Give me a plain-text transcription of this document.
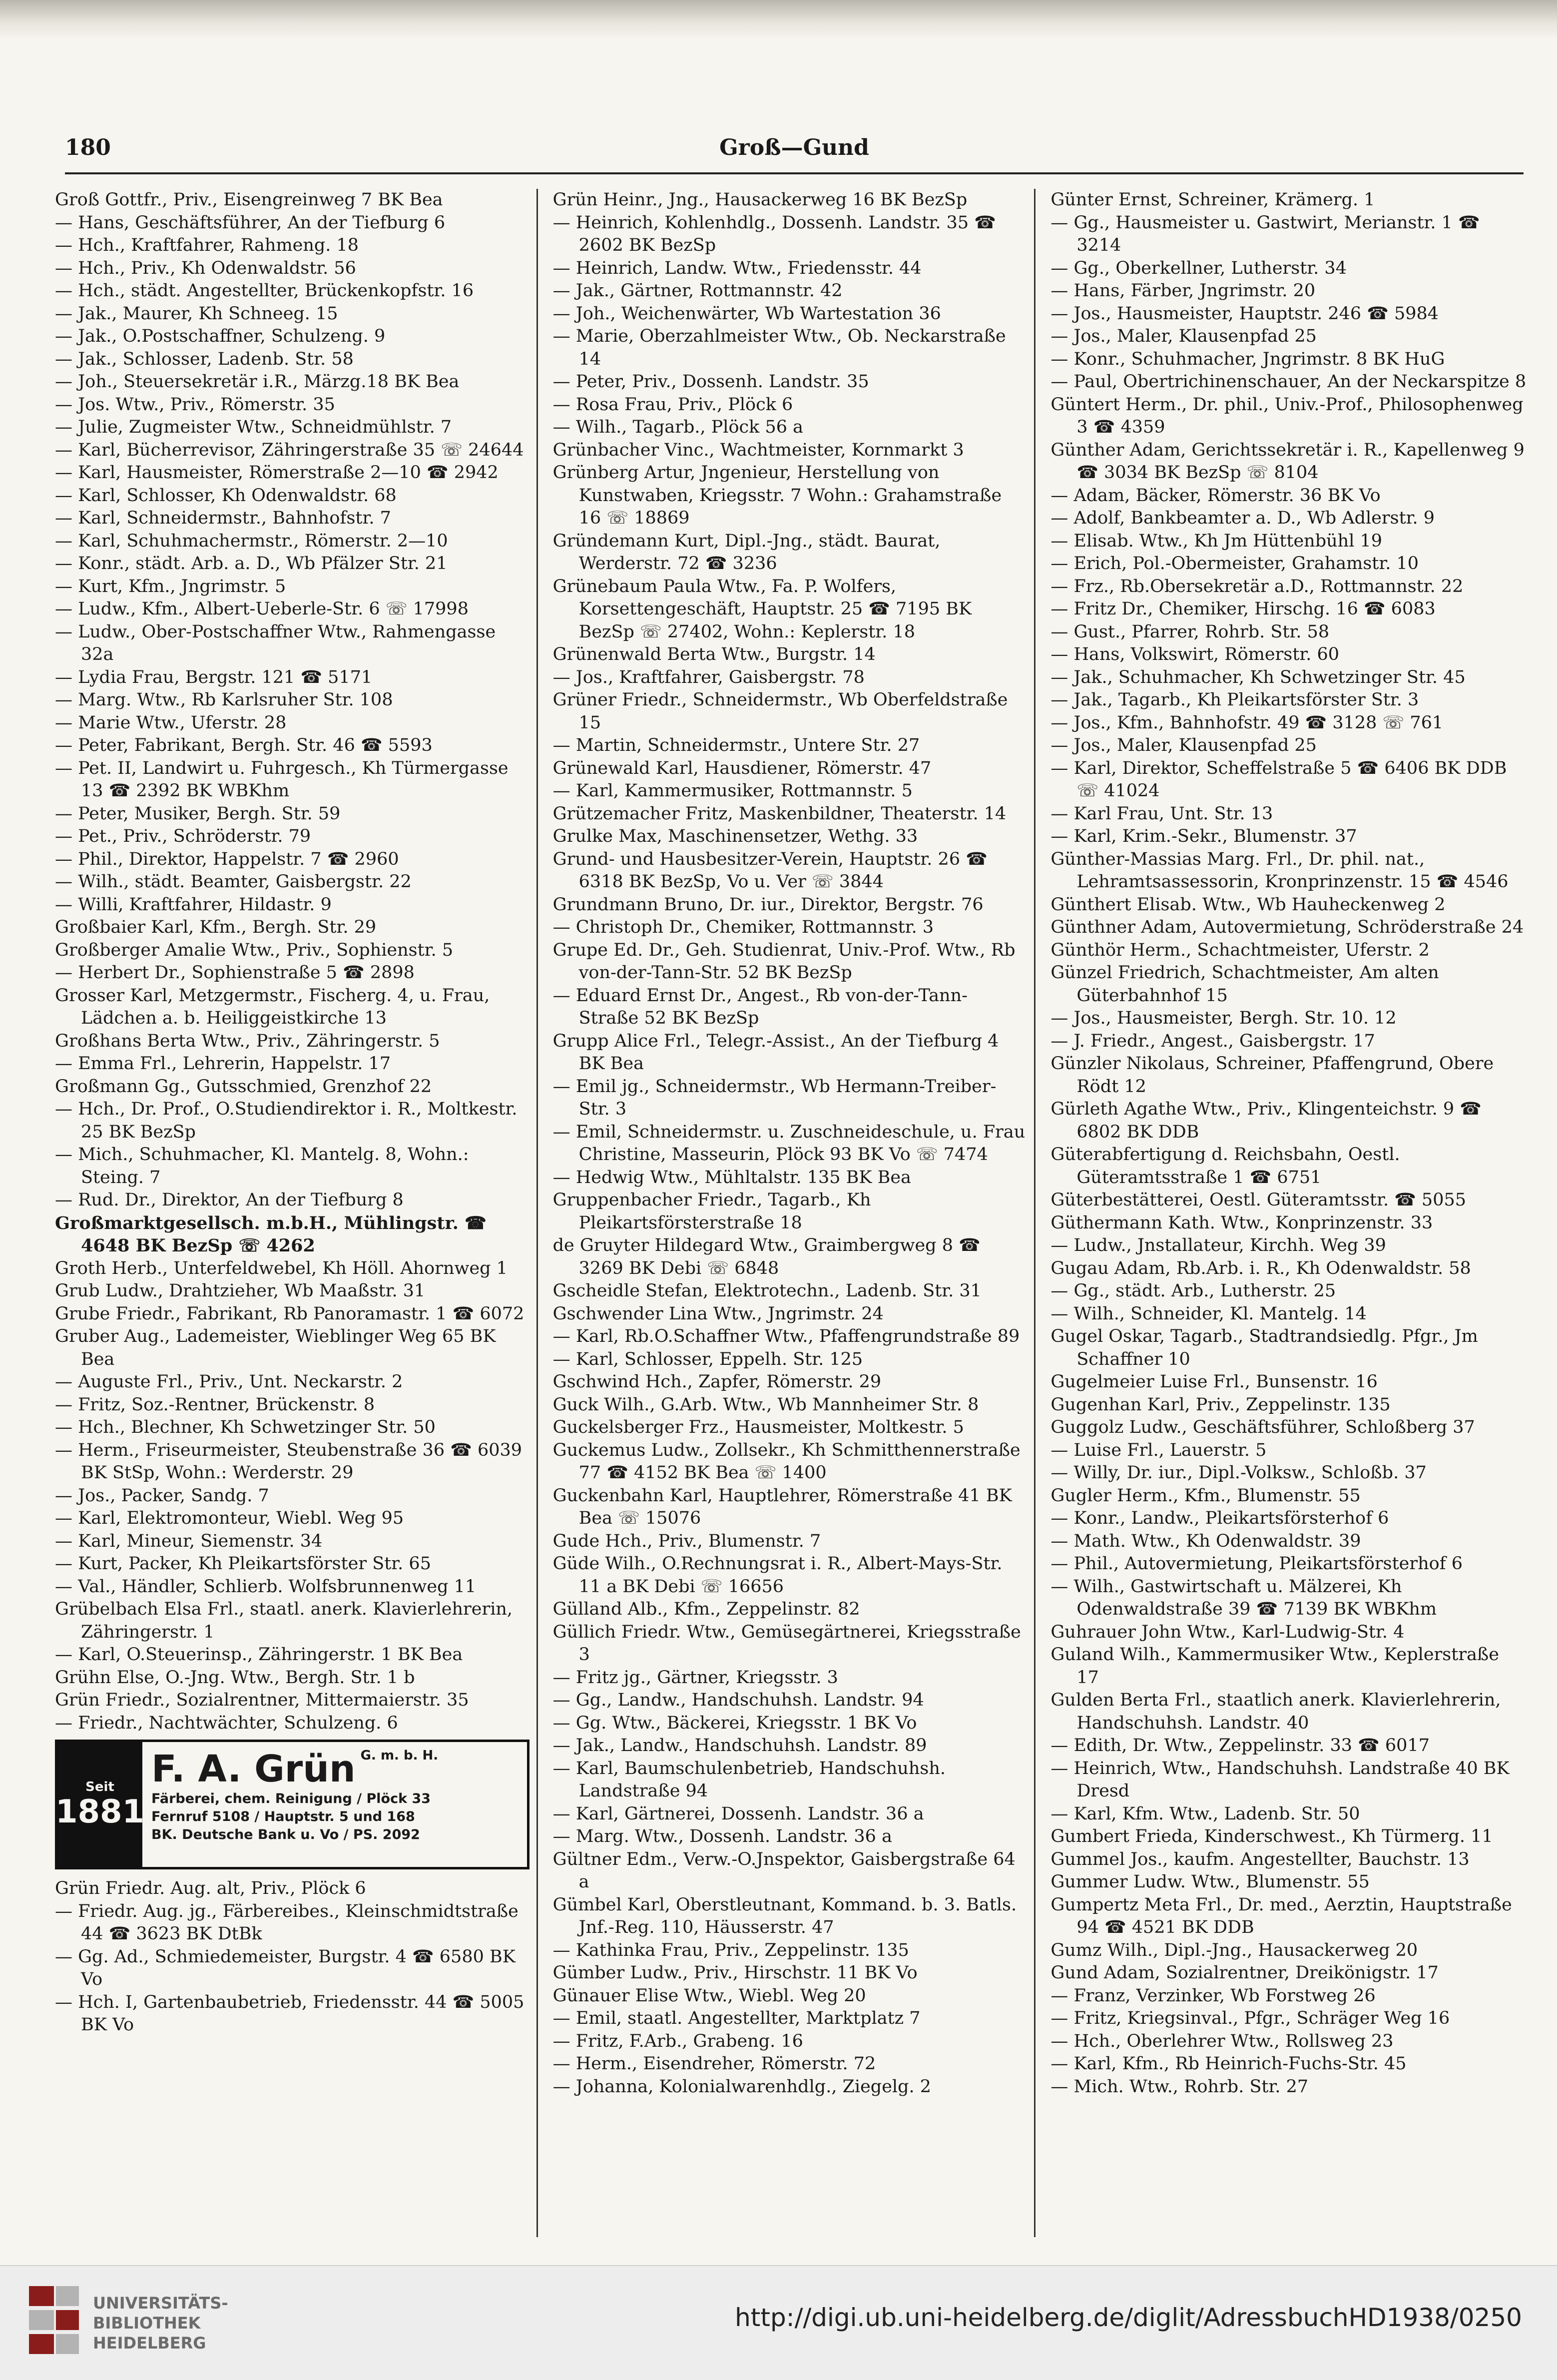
180	Groß—Gund
Groß Gottfr., Priv., Eisengreinweg 7 BK Bea
— Hans, Geschäftsführer, An der Tiefburg 6
— Hch., Kraftfahrer, Rahmeng. 18
— Hch., Priv., Kh Odenwaldstr. 56
— Hch., städt. Angestellter, Brückenkopfstr. 16
— Jak., Maurer, Kh Schneeg. 15
— Jak., O.Postschaffner, Schulzeng. 9
— Jak., Schlosser, Ladenb. Str. 58
— Joh., Steuersekretär i.R., Märzg.18 BK Bea
— Jos. Wtw., Priv., Römerstr. 35
— Julie, Zugmeister Wtw., Schneidmühlstr. 7
— Karl, Bücherrevisor, Zähringerstraße 35 ☏ 24644
— Karl, Hausmeister, Römerstraße 2—10 ☎ 2942
— Karl, Schlosser, Kh Odenwaldstr. 68
— Karl, Schneidermstr., Bahnhofstr. 7
— Karl, Schuhmachermstr., Römerstr. 2—10
— Konr., städt. Arb. a. D., Wb Pfälzer Str. 21
— Kurt, Kfm., Jngrimstr. 5
— Ludw., Kfm., Albert-Ueberle-Str. 6 ☏ 17998
— Ludw., Ober-Postschaffner Wtw., Rahmengasse 32a
— Lydia Frau, Bergstr. 121 ☎ 5171
— Marg. Wtw., Rb Karlsruher Str. 108
— Marie Wtw., Uferstr. 28
— Peter, Fabrikant, Bergh. Str. 46 ☎ 5593
— Pet. II, Landwirt u. Fuhrgesch., Kh Türmergasse 13 ☎ 2392 BK WBKhm
— Peter, Musiker, Bergh. Str. 59
— Pet., Priv., Schröderstr. 79
— Phil., Direktor, Happelstr. 7 ☎ 2960
— Wilh., städt. Beamter, Gaisbergstr. 22
— Willi, Kraftfahrer, Hildastr. 9
Großbaier Karl, Kfm., Bergh. Str. 29
Großberger Amalie Wtw., Priv., Sophienstr. 5
— Herbert Dr., Sophienstraße 5 ☎ 2898
Grosser Karl, Metzgermstr., Fischerg. 4, u. Frau, Lädchen a. b. Heiliggeistkirche 13
Großhans Berta Wtw., Priv., Zähringerstr. 5
— Emma Frl., Lehrerin, Happelstr. 17
Großmann Gg., Gutsschmied, Grenzhof 22
— Hch., Dr. Prof., O.Studiendirektor i. R., Moltkestr. 25 BK BezSp
— Mich., Schuhmacher, Kl. Mantelg. 8, Wohn.: Steing. 7
— Rud. Dr., Direktor, An der Tiefburg 8
Großmarktgesellsch. m.b.H., Mühlingstr. ☎ 4648 BK BezSp ☏ 4262
Groth Herb., Unterfeldwebel, Kh Höll. Ahornweg 1
Grub Ludw., Drahtzieher, Wb Maaßstr. 31
Grube Friedr., Fabrikant, Rb Panoramastr. 1 ☎ 6072
Gruber Aug., Lademeister, Wieblinger Weg 65 BK Bea
— Auguste Frl., Priv., Unt. Neckarstr. 2
— Fritz, Soz.-Rentner, Brückenstr. 8
— Hch., Blechner, Kh Schwetzinger Str. 50
— Herm., Friseurmeister, Steubenstraße 36 ☎ 6039 BK StSp, Wohn.: Werderstr. 29
— Jos., Packer, Sandg. 7
— Karl, Elektromonteur, Wiebl. Weg 95
— Karl, Mineur, Siemenstr. 34
— Kurt, Packer, Kh Pleikartsförster Str. 65
— Val., Händler, Schlierb. Wolfsbrunnenweg 11
Grübelbach Elsa Frl., staatl. anerk. Klavierlehrerin, Zähringerstr. 1
— Karl, O.Steuerinsp., Zähringerstr. 1 BK Bea
Grühn Else, O.-Jng. Wtw., Bergh. Str. 1 b
Grün Friedr., Sozialrentner, Mittermaierstr. 35
— Friedr., Nachtwächter, Schulzeng. 6
Seit
1881
F. A. Grün G. m. b. H.
Färberei, chem. Reinigung / Plöck 33
Fernruf 5108 / Hauptstr. 5 und 168
BK. Deutsche Bank u. Vo / PS. 2092
Grün Friedr. Aug. alt, Priv., Plöck 6
— Friedr. Aug. jg., Färbereibes., Kleinschmidtstraße 44 ☎ 3623 BK DtBk
— Gg. Ad., Schmiedemeister, Burgstr. 4 ☎ 6580 BK Vo
— Hch. I, Gartenbaubetrieb, Friedensstr. 44 ☎ 5005 BK Vo
Grün Heinr., Jng., Hausackerweg 16 BK BezSp
— Heinrich, Kohlenhdlg., Dossenh. Landstr. 35 ☎ 2602 BK BezSp
— Heinrich, Landw. Wtw., Friedensstr. 44
— Jak., Gärtner, Rottmannstr. 42
— Joh., Weichenwärter, Wb Wartestation 36
— Marie, Oberzahlmeister Wtw., Ob. Neckarstraße 14
— Peter, Priv., Dossenh. Landstr. 35
— Rosa Frau, Priv., Plöck 6
— Wilh., Tagarb., Plöck 56 a
Grünbacher Vinc., Wachtmeister, Kornmarkt 3
Grünberg Artur, Jngenieur, Herstellung von Kunstwaben, Kriegsstr. 7 Wohn.: Grahamstraße 16 ☏ 18869
Gründemann Kurt, Dipl.-Jng., städt. Baurat, Werderstr. 72 ☎ 3236
Grünebaum Paula Wtw., Fa. P. Wolfers, Korsettengeschäft, Hauptstr. 25 ☎ 7195 BK BezSp ☏ 27402, Wohn.: Keplerstr. 18
Grünenwald Berta Wtw., Burgstr. 14
— Jos., Kraftfahrer, Gaisbergstr. 78
Grüner Friedr., Schneidermstr., Wb Oberfeldstraße 15
— Martin, Schneidermstr., Untere Str. 27
Grünewald Karl, Hausdiener, Römerstr. 47
— Karl, Kammermusiker, Rottmannstr. 5
Grützemacher Fritz, Maskenbildner, Theaterstr. 14
Grulke Max, Maschinensetzer, Wethg. 33
Grund- und Hausbesitzer-Verein, Hauptstr. 26 ☎ 6318 BK BezSp, Vo u. Ver ☏ 3844
Grundmann Bruno, Dr. iur., Direktor, Bergstr. 76
— Christoph Dr., Chemiker, Rottmannstr. 3
Grupe Ed. Dr., Geh. Studienrat, Univ.-Prof. Wtw., Rb von-der-Tann-Str. 52 BK BezSp
— Eduard Ernst Dr., Angest., Rb von-der-Tann-Straße 52 BK BezSp
Grupp Alice Frl., Telegr.-Assist., An der Tiefburg 4 BK Bea
— Emil jg., Schneidermstr., Wb Hermann-Treiber-Str. 3
— Emil, Schneidermstr. u. Zuschneideschule, u. Frau Christine, Masseurin, Plöck 93 BK Vo ☏ 7474
— Hedwig Wtw., Mühltalstr. 135 BK Bea
Gruppenbacher Friedr., Tagarb., Kh Pleikartsförsterstraße 18
de Gruyter Hildegard Wtw., Graimbergweg 8 ☎ 3269 BK Debi ☏ 6848
Gscheidle Stefan, Elektrotechn., Ladenb. Str. 31
Gschwender Lina Wtw., Jngrimstr. 24
— Karl, Rb.O.Schaffner Wtw., Pfaffengrundstraße 89
— Karl, Schlosser, Eppelh. Str. 125
Gschwind Hch., Zapfer, Römerstr. 29
Guck Wilh., G.Arb. Wtw., Wb Mannheimer Str. 8
Guckelsberger Frz., Hausmeister, Moltkestr. 5
Guckemus Ludw., Zollsekr., Kh Schmitthennerstraße 77 ☎ 4152 BK Bea ☏ 1400
Guckenbahn Karl, Hauptlehrer, Römerstraße 41 BK Bea ☏ 15076
Gude Hch., Priv., Blumenstr. 7
Güde Wilh., O.Rechnungsrat i. R., Albert-Mays-Str. 11 a BK Debi ☏ 16656
Gülland Alb., Kfm., Zeppelinstr. 82
Güllich Friedr. Wtw., Gemüsegärtnerei, Kriegsstraße 3
— Fritz jg., Gärtner, Kriegsstr. 3
— Gg., Landw., Handschuhsh. Landstr. 94
— Gg. Wtw., Bäckerei, Kriegsstr. 1 BK Vo
— Jak., Landw., Handschuhsh. Landstr. 89
— Karl, Baumschulenbetrieb, Handschuhsh. Landstraße 94
— Karl, Gärtnerei, Dossenh. Landstr. 36 a
— Marg. Wtw., Dossenh. Landstr. 36 a
Gültner Edm., Verw.-O.Jnspektor, Gaisbergstraße 64 a
Gümbel Karl, Oberstleutnant, Kommand. b. 3. Batls. Jnf.-Reg. 110, Häusserstr. 47
— Kathinka Frau, Priv., Zeppelinstr. 135
Gümber Ludw., Priv., Hirschstr. 11 BK Vo
Günauer Elise Wtw., Wiebl. Weg 20
— Emil, staatl. Angestellter, Marktplatz 7
— Fritz, F.Arb., Grabeng. 16
— Herm., Eisendreher, Römerstr. 72
— Johanna, Kolonialwarenhdlg., Ziegelg. 2
Günter Ernst, Schreiner, Krämerg. 1
— Gg., Hausmeister u. Gastwirt, Merianstr. 1 ☎ 3214
— Gg., Oberkellner, Lutherstr. 34
— Hans, Färber, Jngrimstr. 20
— Jos., Hausmeister, Hauptstr. 246 ☎ 5984
— Jos., Maler, Klausenpfad 25
— Konr., Schuhmacher, Jngrimstr. 8 BK HuG
— Paul, Obertrichinenschauer, An der Neckarspitze 8
Güntert Herm., Dr. phil., Univ.-Prof., Philosophenweg 3 ☎ 4359
Günther Adam, Gerichtssekretär i. R., Kapellenweg 9 ☎ 3034 BK BezSp ☏ 8104
— Adam, Bäcker, Römerstr. 36 BK Vo
— Adolf, Bankbeamter a. D., Wb Adlerstr. 9
— Elisab. Wtw., Kh Jm Hüttenbühl 19
— Erich, Pol.-Obermeister, Grahamstr. 10
— Frz., Rb.Obersekretär a.D., Rottmannstr. 22
— Fritz Dr., Chemiker, Hirschg. 16 ☎ 6083
— Gust., Pfarrer, Rohrb. Str. 58
— Hans, Volkswirt, Römerstr. 60
— Jak., Schuhmacher, Kh Schwetzinger Str. 45
— Jak., Tagarb., Kh Pleikartsförster Str. 3
— Jos., Kfm., Bahnhofstr. 49 ☎ 3128 ☏ 761
— Jos., Maler, Klausenpfad 25
— Karl, Direktor, Scheffelstraße 5 ☎ 6406 BK DDB ☏ 41024
— Karl Frau, Unt. Str. 13
— Karl, Krim.-Sekr., Blumenstr. 37
Günther-Massias Marg. Frl., Dr. phil. nat., Lehramtsassessorin, Kronprinzenstr. 15 ☎ 4546
Günthert Elisab. Wtw., Wb Hauheckenweg 2
Günthner Adam, Autovermietung, Schröderstraße 24
Günthör Herm., Schachtmeister, Uferstr. 2
Günzel Friedrich, Schachtmeister, Am alten Güterbahnhof 15
— Jos., Hausmeister, Bergh. Str. 10. 12
— J. Friedr., Angest., Gaisbergstr. 17
Günzler Nikolaus, Schreiner, Pfaffengrund, Obere Rödt 12
Gürleth Agathe Wtw., Priv., Klingenteichstr. 9 ☎ 6802 BK DDB
Güterabfertigung d. Reichsbahn, Oestl. Güteramtsstraße 1 ☎ 6751
Güterbestätterei, Oestl. Güteramtsstr. ☎ 5055
Güthermann Kath. Wtw., Konprinzenstr. 33
— Ludw., Jnstallateur, Kirchh. Weg 39
Gugau Adam, Rb.Arb. i. R., Kh Odenwaldstr. 58
— Gg., städt. Arb., Lutherstr. 25
— Wilh., Schneider, Kl. Mantelg. 14
Gugel Oskar, Tagarb., Stadtrandsiedlg. Pfgr., Jm Schaffner 10
Gugelmeier Luise Frl., Bunsenstr. 16
Gugenhan Karl, Priv., Zeppelinstr. 135
Guggolz Ludw., Geschäftsführer, Schloßberg 37
— Luise Frl., Lauerstr. 5
— Willy, Dr. iur., Dipl.-Volksw., Schloßb. 37
Gugler Herm., Kfm., Blumenstr. 55
— Konr., Landw., Pleikartsförsterhof 6
— Math. Wtw., Kh Odenwaldstr. 39
— Phil., Autovermietung, Pleikartsförsterhof 6
— Wilh., Gastwirtschaft u. Mälzerei, Kh Odenwaldstraße 39 ☎ 7139 BK WBKhm
Guhrauer John Wtw., Karl-Ludwig-Str. 4
Guland Wilh., Kammermusiker Wtw., Keplerstraße 17
Gulden Berta Frl., staatlich anerk. Klavierlehrerin, Handschuhsh. Landstr. 40
— Edith, Dr. Wtw., Zeppelinstr. 33 ☎ 6017
— Heinrich, Wtw., Handschuhsh. Landstraße 40 BK Dresd
— Karl, Kfm. Wtw., Ladenb. Str. 50
Gumbert Frieda, Kinderschwest., Kh Türmerg. 11
Gummel Jos., kaufm. Angestellter, Bauchstr. 13
Gummer Ludw. Wtw., Blumenstr. 55
Gumpertz Meta Frl., Dr. med., Aerztin, Hauptstraße 94 ☎ 4521 BK DDB
Gumz Wilh., Dipl.-Jng., Hausackerweg 20
Gund Adam, Sozialrentner, Dreikönigstr. 17
— Franz, Verzinker, Wb Forstweg 26
— Fritz, Kriegsinval., Pfgr., Schräger Weg 16
— Hch., Oberlehrer Wtw., Rollsweg 23
— Karl, Kfm., Rb Heinrich-Fuchs-Str. 45
— Mich. Wtw., Rohrb. Str. 27
UNIVERSITÄTS-
BIBLIOTHEK
HEIDELBERG
http://digi.ub.uni-heidelberg.de/diglit/AdressbuchHD1938/0250
